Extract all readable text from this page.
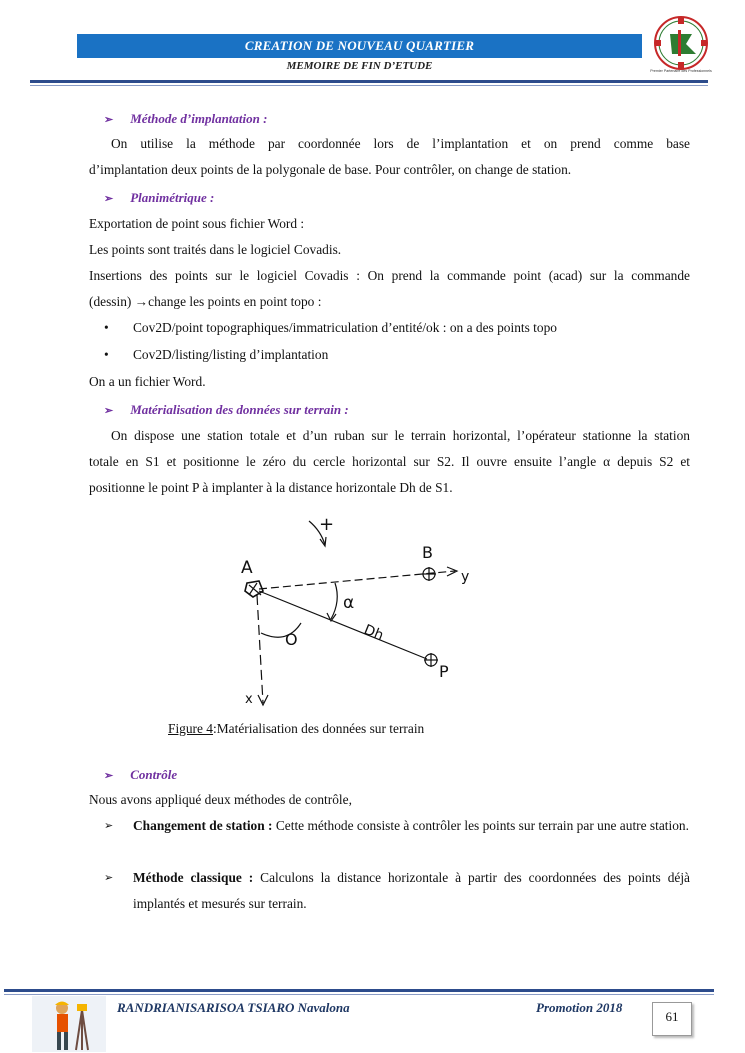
CREATION DE NOUVEAU QUARTIER
MEMOIRE DE FIN D’ETUDE	Premier Partenaire des Professionnels
➢ Méthode d’implantation :
On utilise la méthode par coordonnée lors de l’implantation et on prend comme base
d’implantation deux points de la polygonale de base. Pour contrôler, on change de station.
➢ Planimétrique :
Exportation de point sous fichier Word :
Les points sont traités dans le logiciel Covadis.
Insertions des points sur le logiciel Covadis : On prend la commande point (acad) sur la commande
(dessin) →change les points en point topo :
• Cov2D/point topographiques/immatriculation d’entité/ok : on a des points topo
• Cov2D/listing/listing d’implantation
On a un fichier Word.
➢ Matérialisation des données sur terrain :
On dispose une station totale et d’un ruban sur le terrain horizontal, l’opérateur stationne la station
totale en S1 et positionne le zéro du cercle horizontal sur S2. Il ouvre ensuite l’angle α depuis S2 et
positionne le point P à implanter à la distance horizontale Dh de S1.
+
A
B
y
Dh
α
P
O
x
Figure 4:Matérialisation des données sur terrain
➢ Contrôle
Nous avons appliqué deux méthodes de contrôle,
➢ Changement de station : Cette méthode consiste à contrôler les points sur terrain par une autre station.
➢ Méthode classique : Calculons la distance horizontale à partir des coordonnées des points déjà implantés et mesurés sur terrain.
RANDRIANISARISOA TSIARO Navalona	Promotion 2018
61
